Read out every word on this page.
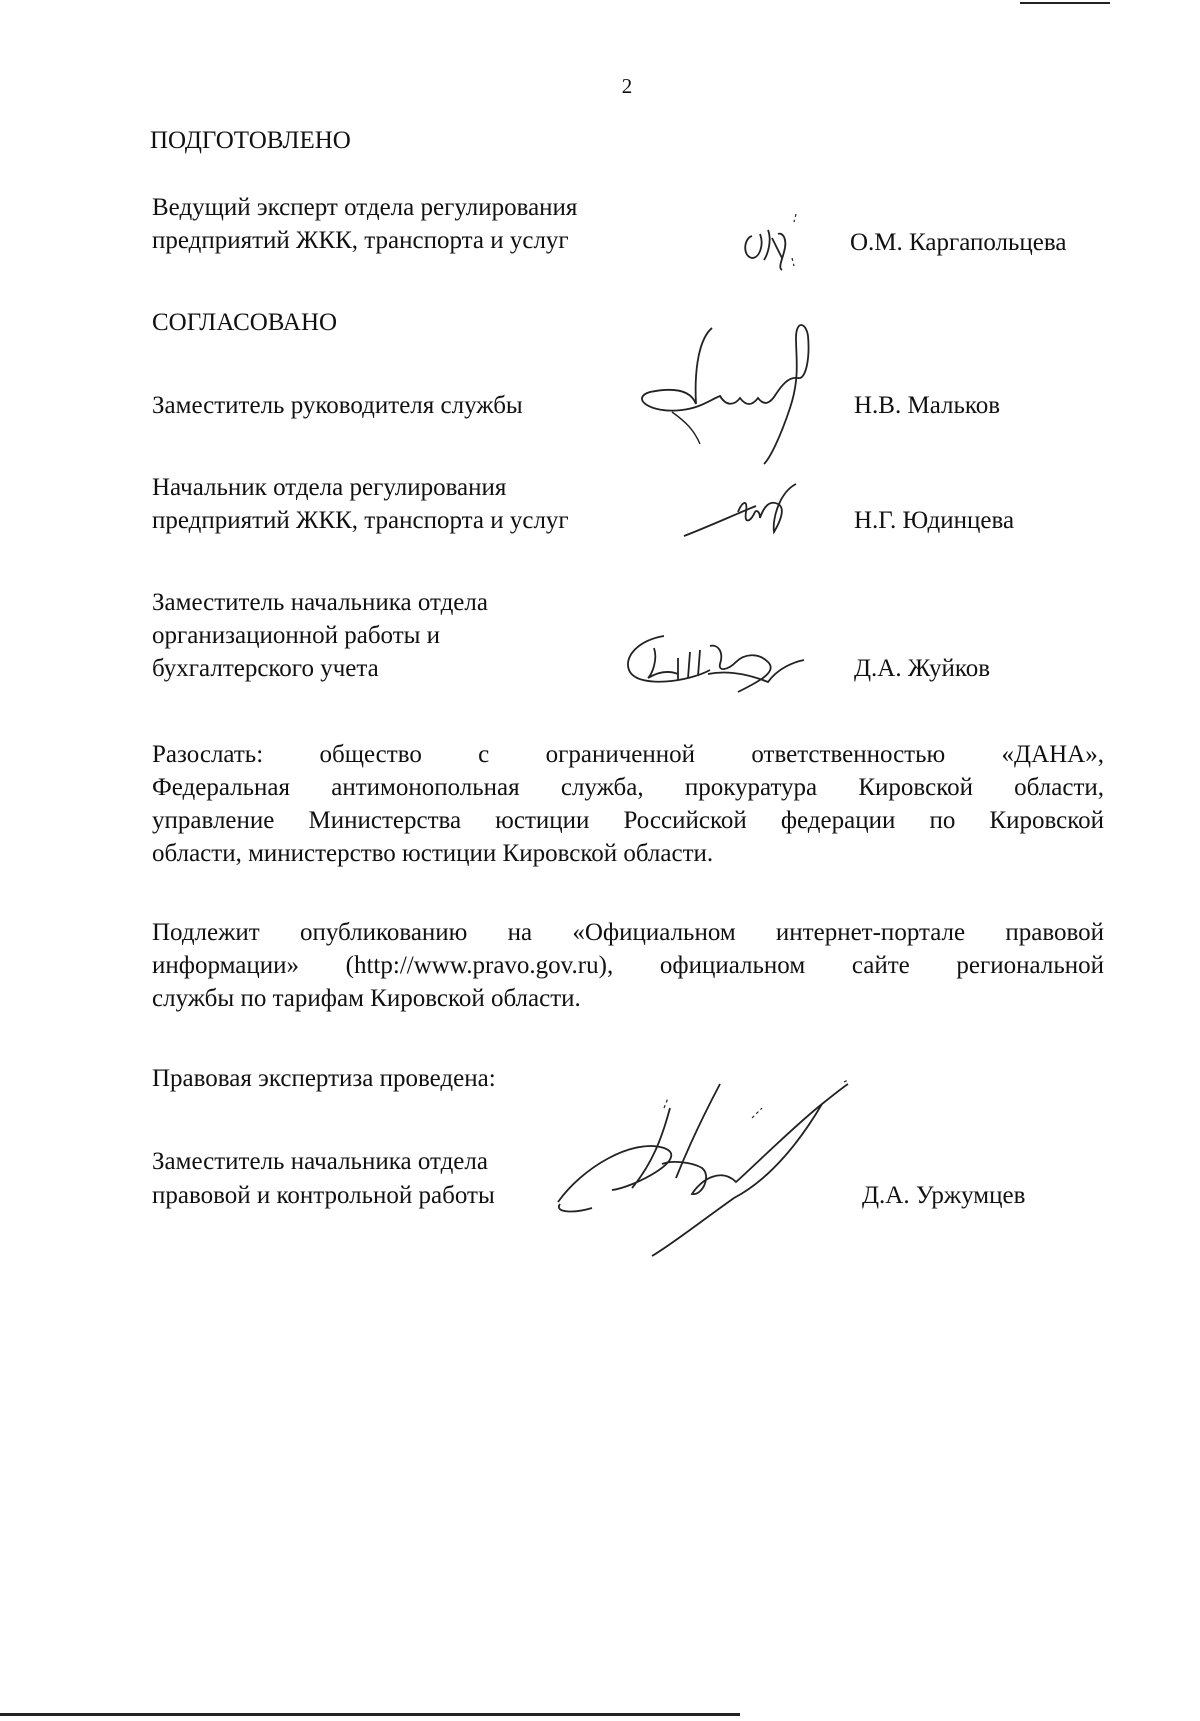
2
ПОДГОТОВЛЕНО
Ведущий эксперт отдела регулирования
предприятий ЖКК, транспорта и услуг	О.М. Каргапольцева
СОГЛАСОВАНО
Заместитель руководителя службы	Н.В. Мальков
Начальник отдела регулирования
предприятий ЖКК, транспорта и услуг	Н.Г. Юдинцева
Заместитель начальника отдела
организационной работы и
бухгалтерского учета	Д.А. Жуйков
Разослать: общество с ограниченной ответственностью «ДАНА»,
Федеральная антимонопольная служба, прокуратура Кировской области,
управление Министерства юстиции Российской федерации по Кировской
области, министерство юстиции Кировской области.
Подлежит опубликованию на «Официальном интернет-портале правовой
информации» (http://www.pravo.gov.ru), официальном сайте региональной
службы по тарифам Кировской области.
Правовая экспертиза проведена:
Заместитель начальника отдела
правовой и контрольной работы	Д.А. Уржумцев
